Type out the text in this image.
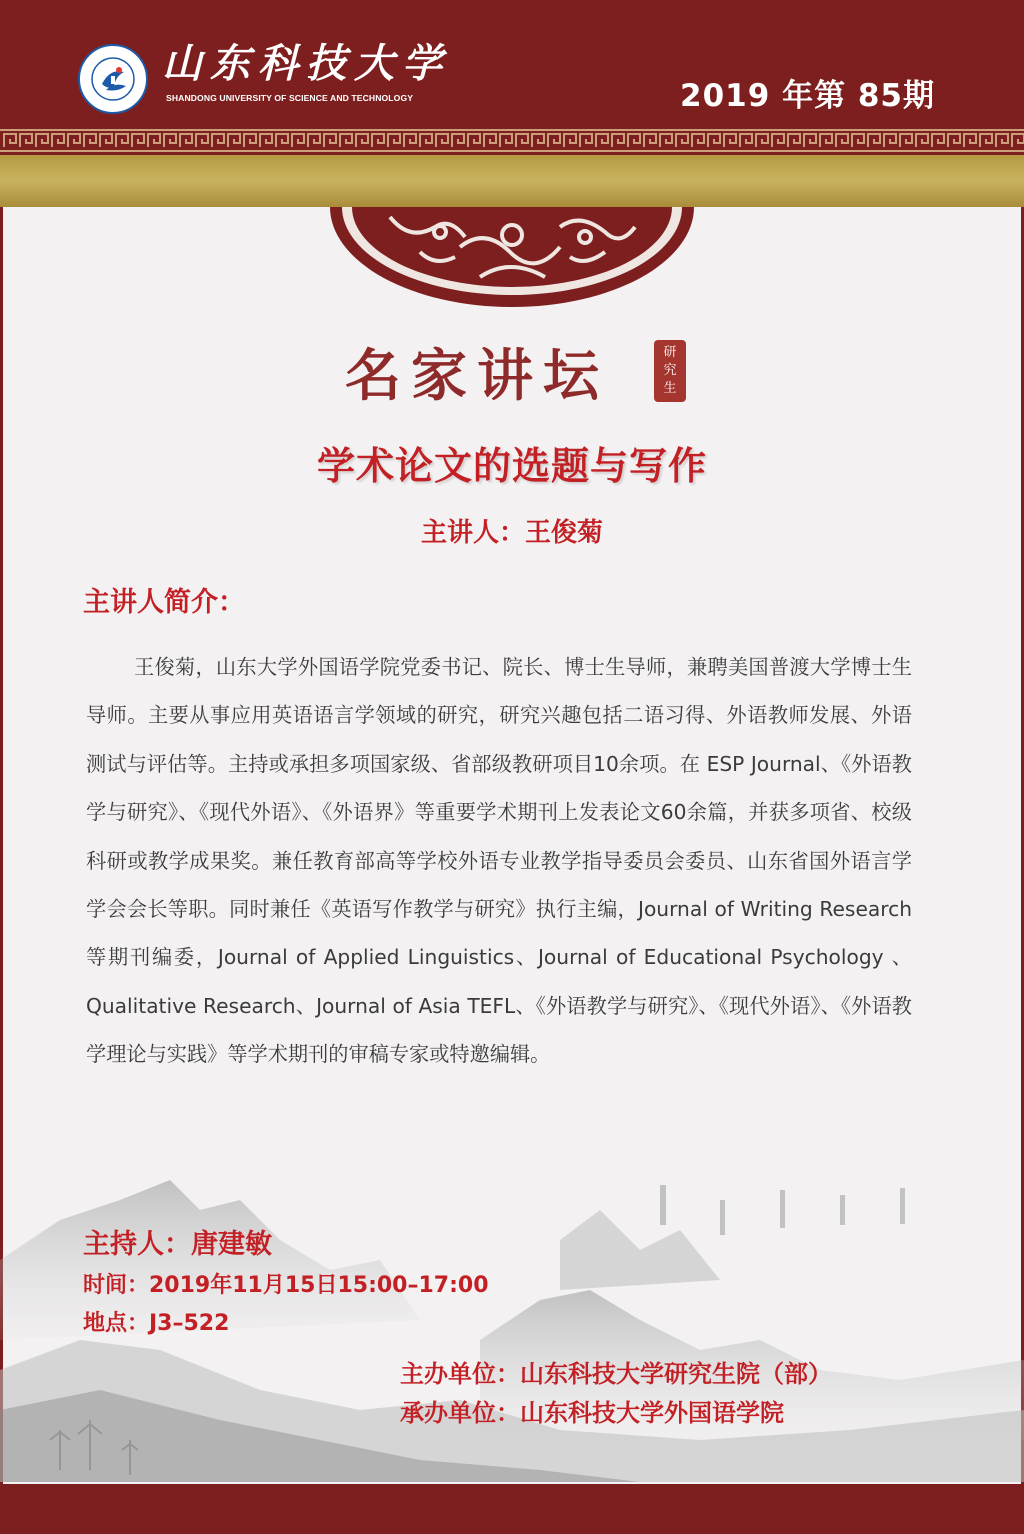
山东科技大学
SHANDONG UNIVERSITY OF SCIENCE AND TECHNOLOGY	2019 年第 85期
名家讲坛	研
究
生
学术论文的选题与写作
主讲人：王俊菊
主讲人简介：
王俊菊，山东大学外国语学院党委书记、院长、博士生导师，兼聘美国普渡大学博士生导师。主要从事应用英语语言学领域的研究，研究兴趣包括二语习得、外语教师发展、外语测试与评估等。主持或承担多项国家级、省部级教研项目10余项。在 ESP Journal、《外语教学与研究》、《现代外语》、《外语界》等重要学术期刊上发表论文60余篇，并获多项省、校级科研或教学成果奖。兼任教育部高等学校外语专业教学指导委员会委员、山东省国外语言学学会会长等职。同时兼任《英语写作教学与研究》执行主编，Journal of Writing Research等期刊编委，Journal of Applied Linguistics、Journal of Educational Psychology 、Qualitative Research、Journal of Asia TEFL、《外语教学与研究》、《现代外语》、《外语教学理论与实践》等学术期刊的审稿专家或特邀编辑。
主持人：唐建敏
时间：2019年11月15日15:00–17:00
地点：J3–522
主办单位：山东科技大学研究生院（部）
承办单位：山东科技大学外国语学院
